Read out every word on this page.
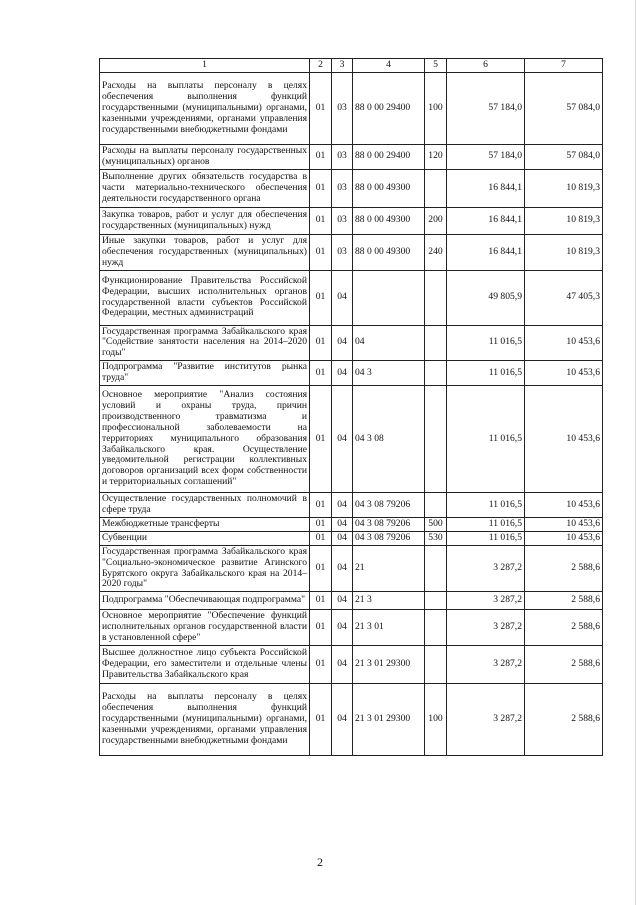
1	2	3	4	5	6	7
Расходы на выплаты персоналу в целях обеспечения выполнения функций государственными (муниципальными) органами, казенными учреждениями, органами управления государственными внебюджетными фондами	01	03	88 0 00 29400	100	57 184,0	57 084,0
Расходы на выплаты персоналу государственных (муниципальных) органов	01	03	88 0 00 29400	120	57 184,0	57 084,0
Выполнение других обязательств государства в части материально-технического обеспечения деятельности государственного органа	01	03	88 0 00 49300		16 844,1	10 819,3
Закупка товаров, работ и услуг для обеспечения государственных (муниципальных) нужд	01	03	88 0 00 49300	200	16 844,1	10 819,3
Иные закупки товаров, работ и услуг для обеспечения государственных (муниципальных) нужд	01	03	88 0 00 49300	240	16 844,1	10 819,3
Функционирование Правительства Российской Федерации, высших исполнительных органов государственной власти субъектов Российской Федерации, местных администраций	01	04			49 805,9	47 405,3
Государственная программа Забайкальского края "Содействие занятости населения на 2014–2020 годы"	01	04	04		11 016,5	10 453,6
Подпрограмма "Развитие институтов рынка труда"	01	04	04 3		11 016,5	10 453,6
Основное мероприятие "Анализ состояния условий и охраны труда, причин производственного травматизма и профессиональной заболеваемости на территориях муниципального образования Забайкальского края. Осуществление уведомительной регистрации коллективных договоров организаций всех форм собственности и территориальных соглашений"	01	04	04 3 08		11 016,5	10 453,6
Осуществление государственных полномочий в сфере труда	01	04	04 3 08 79206		11 016,5	10 453,6
Межбюджетные трансферты	01	04	04 3 08 79206	500	11 016,5	10 453,6
Субвенции	01	04	04 3 08 79206	530	11 016,5	10 453,6
Государственная программа Забайкальского края "Социально-экономическое развитие Агинского Бурятского округа Забайкальского края на 2014–2020 годы"	01	04	21		3 287,2	2 588,6
Подпрограмма "Обеспечивающая подпрограмма"	01	04	21 3		3 287,2	2 588,6
Основное мероприятие "Обеспечение функций исполнительных органов государственной власти в установленной сфере"	01	04	21 3 01		3 287,2	2 588,6
Высшее должностное лицо субъекта Российской Федерации, его заместители и отдельные члены Правительства Забайкальского края	01	04	21 3 01 29300		3 287,2	2 588,6
Расходы на выплаты персоналу в целях обеспечения выполнения функций государственными (муниципальными) органами, казенными учреждениями, органами управления государственными внебюджетными фондами	01	04	21 3 01 29300	100	3 287,2	2 588,6
2
